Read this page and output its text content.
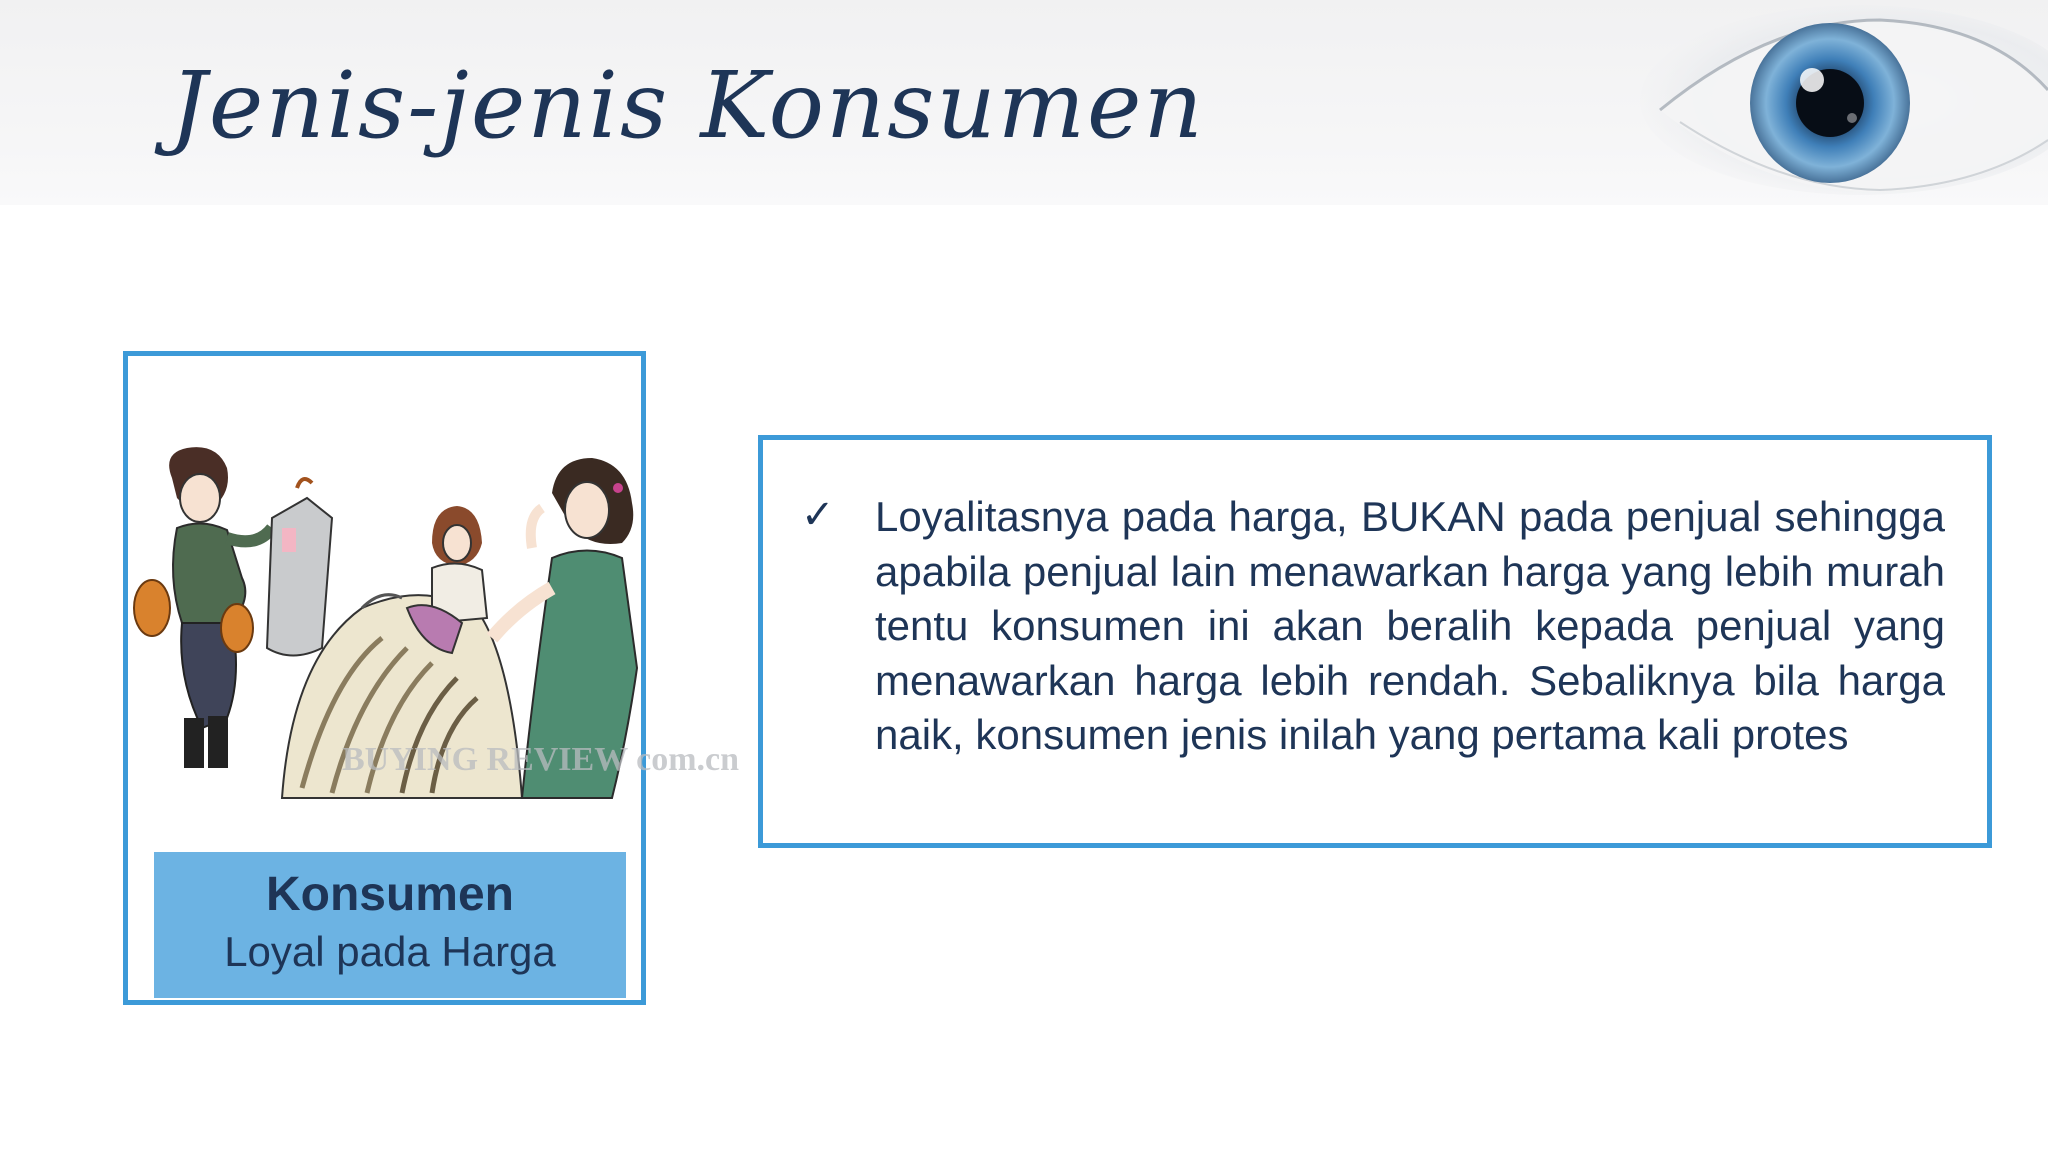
Jenis-jenis Konsumen
BUYING REVIEW com.cn
Konsumen
Loyal pada Harga
✓ Loyalitasnya pada harga, BUKAN pada penjual sehingga apabila penjual lain menawarkan harga yang lebih murah tentu konsumen ini akan beralih kepada penjual yang menawarkan harga lebih rendah. Sebaliknya bila harga naik, konsumen jenis inilah yang pertama kali protes
